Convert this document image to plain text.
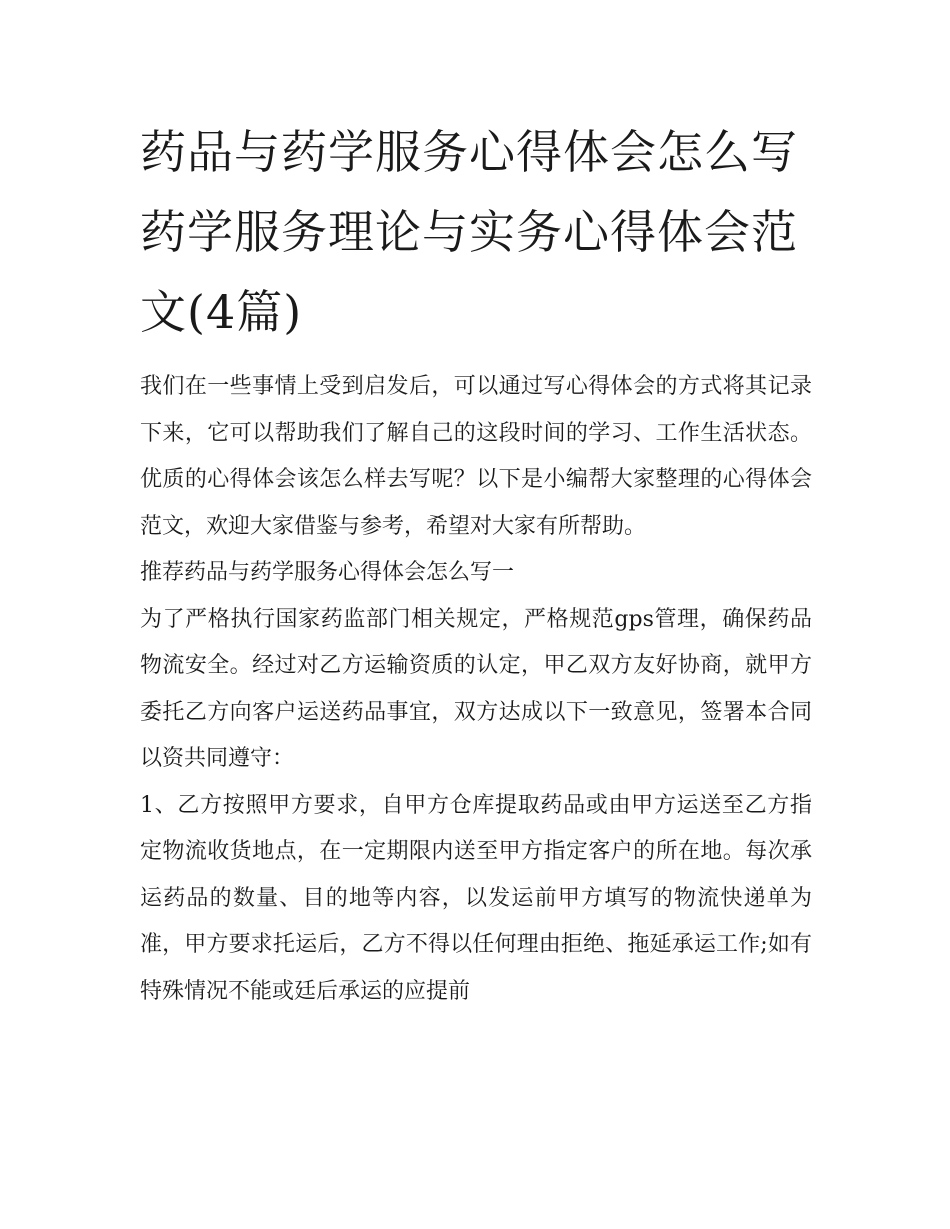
药品与药学服务心得体会怎么写 药学服务理论与实务心得体会范文(4篇)

我们在一些事情上受到启发后，可以通过写心得体会的方式将其记录下来，它可以帮助我们了解自己的这段时间的学习、工作生活状态。优质的心得体会该怎么样去写呢？以下是小编帮大家整理的心得体会范文，欢迎大家借鉴与参考，希望对大家有所帮助。

推荐药品与药学服务心得体会怎么写一

为了严格执行国家药监部门相关规定，严格规范gps管理，确保药品物流安全。经过对乙方运输资质的认定，甲乙双方友好协商，就甲方委托乙方向客户运送药品事宜，双方达成以下一致意见，签署本合同以资共同遵守：

1、乙方按照甲方要求，自甲方仓库提取药品或由甲方运送至乙方指定物流收货地点，在一定期限内送至甲方指定客户的所在地。每次承运药品的数量、目的地等内容，以发运前甲方填写的物流快递单为准，甲方要求托运后，乙方不得以任何理由拒绝、拖延承运工作;如有特殊情况不能或廷后承运的应提前
